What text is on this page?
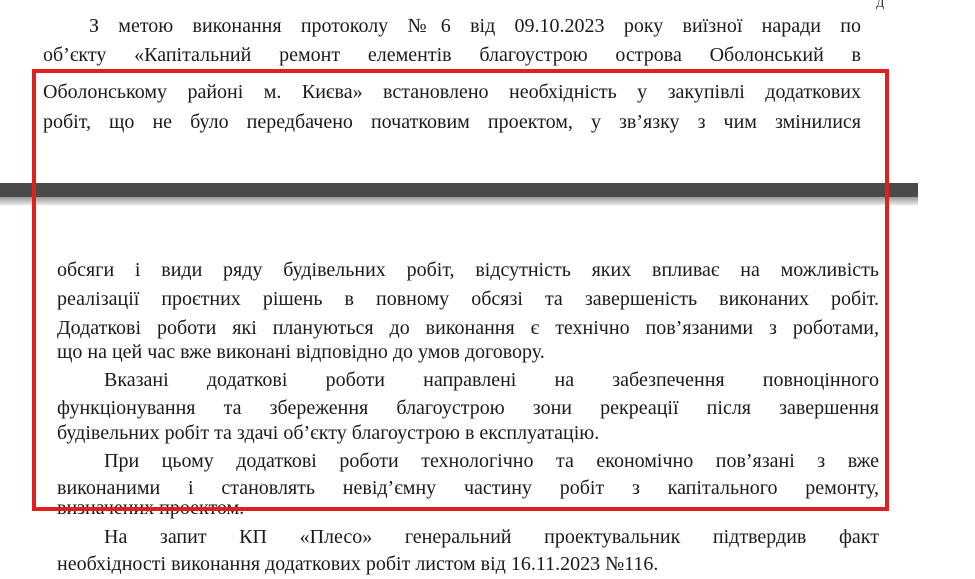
Д
З метою виконання протоколу №6 від 09.10.2023 року виїзної наради по
об’єкту «Капітальний ремонт елементів благоустрою острова Оболонський в
Оболонському районі м. Києва» встановлено необхідність у закупівлі додаткових
робіт, що не було передбачено початковим проектом, у зв’язку з чим змінилися
обсяги і види ряду будівельних робіт, відсутність яких впливає на можливість
реалізації проєтних рішень в повному обсязі та завершеність виконаних робіт.
Додаткові роботи які плануються до виконання є технічно пов’язаними з роботами,
що на цей час вже виконані відповідно до умов договору.
Вказані додаткові роботи направлені на забезпечення повноцінного
функціонування та збереження благоустрою зони рекреації після завершення
будівельних робіт та здачі об’єкту благоустрою в експлуатацію.
При цьому додаткові роботи технологічно та економічно пов’язані з вже
виконаними і становлять невід’ємну частину робіт з капітального ремонту,
визначених проектом.
На запит КП «Плесо» генеральний проектувальник підтвердив факт
необхідності виконання додаткових робіт листом від 16.11.2023 №116.
